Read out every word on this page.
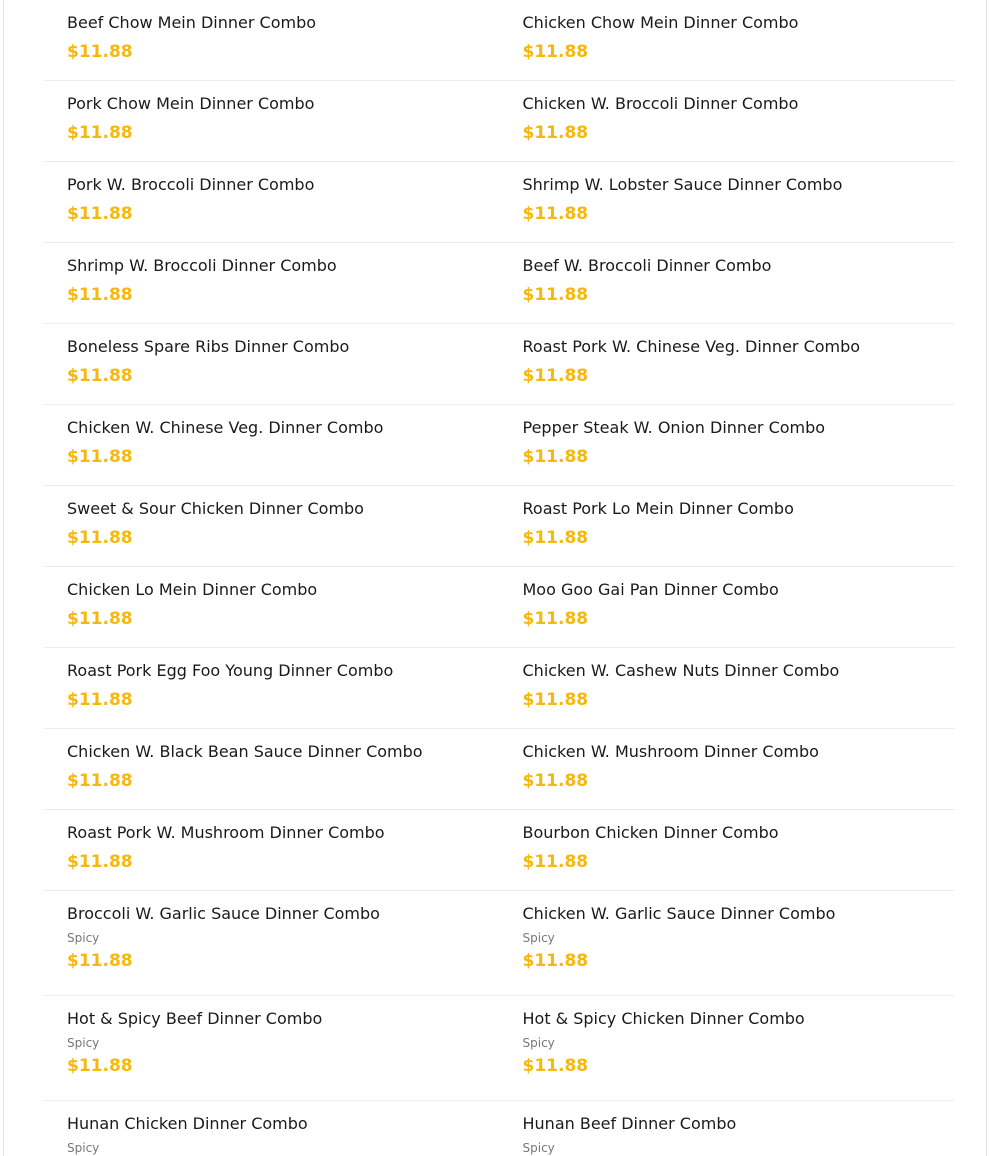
Beef Chow Mein Dinner Combo
$11.88
Chicken Chow Mein Dinner Combo
$11.88
Pork Chow Mein Dinner Combo
$11.88
Chicken W. Broccoli Dinner Combo
$11.88
Pork W. Broccoli Dinner Combo
$11.88
Shrimp W. Lobster Sauce Dinner Combo
$11.88
Shrimp W. Broccoli Dinner Combo
$11.88
Beef W. Broccoli Dinner Combo
$11.88
Boneless Spare Ribs Dinner Combo
$11.88
Roast Pork W. Chinese Veg. Dinner Combo
$11.88
Chicken W. Chinese Veg. Dinner Combo
$11.88
Pepper Steak W. Onion Dinner Combo
$11.88
Sweet & Sour Chicken Dinner Combo
$11.88
Roast Pork Lo Mein Dinner Combo
$11.88
Chicken Lo Mein Dinner Combo
$11.88
Moo Goo Gai Pan Dinner Combo
$11.88
Roast Pork Egg Foo Young Dinner Combo
$11.88
Chicken W. Cashew Nuts Dinner Combo
$11.88
Chicken W. Black Bean Sauce Dinner Combo
$11.88
Chicken W. Mushroom Dinner Combo
$11.88
Roast Pork W. Mushroom Dinner Combo
$11.88
Bourbon Chicken Dinner Combo
$11.88
Broccoli W. Garlic Sauce Dinner Combo
Spicy
$11.88
Chicken W. Garlic Sauce Dinner Combo
Spicy
$11.88
Hot & Spicy Beef Dinner Combo
Spicy
$11.88
Hot & Spicy Chicken Dinner Combo
Spicy
$11.88
Hunan Chicken Dinner Combo
Spicy
Hunan Beef Dinner Combo
Spicy
